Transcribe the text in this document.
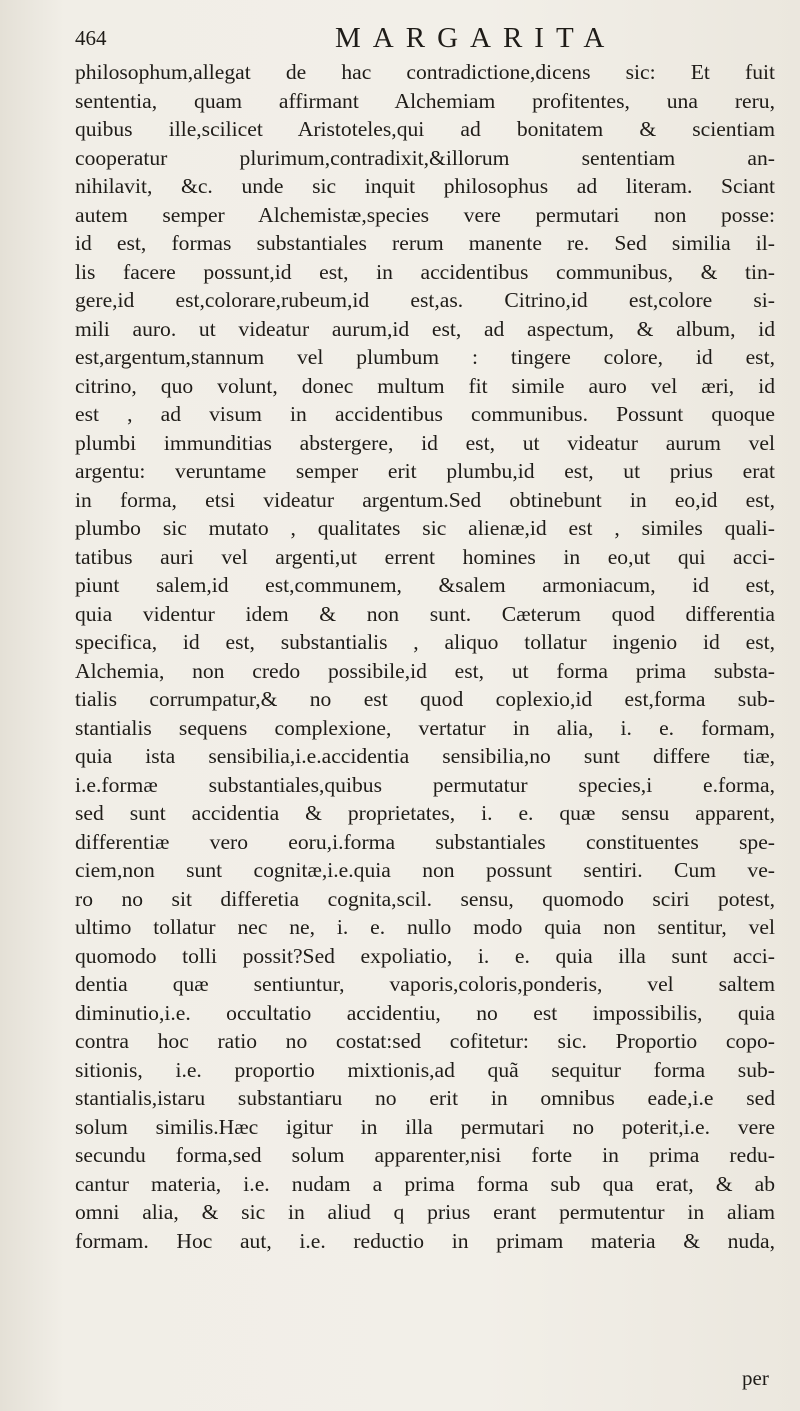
464	MARGARITA
philosophum,allegat de hac contradictione,dicens sic: Et fuit
sententia, quam affirmant Alchemiam profitentes, una reru,
quibus ille,scilicet Aristoteles,qui ad bonitatem & scientiam
cooperatur plurimum,contradixit,&illorum sententiam an-
nihilavit, &c. unde sic inquit philosophus ad literam. Sciant
autem semper Alchemistæ,species vere permutari non posse:
id est, formas substantiales rerum manente re. Sed similia il-
lis facere possunt,id est, in accidentibus communibus, & tin-
gere,id est,colorare,rubeum,id est,as. Citrino,id est,colore si-
mili auro. ut videatur aurum,id est, ad aspectum, & album, id
est,argentum,stannum vel plumbum : tingere colore, id est,
citrino, quo volunt, donec multum fit simile auro vel æri, id
est , ad visum in accidentibus communibus. Possunt quoque
plumbi immunditias abstergere, id est, ut videatur aurum vel
argentu: veruntame semper erit plumbu,id est, ut prius erat
in forma, etsi videatur argentum.Sed obtinebunt in eo,id est,
plumbo sic mutato , qualitates sic alienæ,id est , similes quali-
tatibus auri vel argenti,ut errent homines in eo,ut qui acci-
piunt salem,id est,communem, &salem armoniacum, id est,
quia videntur idem & non sunt. Cæterum quod differentia
specifica, id est, substantialis , aliquo tollatur ingenio id est,
Alchemia, non credo possibile,id est, ut forma prima substa-
tialis corrumpatur,& no est quod coplexio,id est,forma sub-
stantialis sequens complexione, vertatur in alia, i. e. formam,
quia ista sensibilia,i.e.accidentia sensibilia,no sunt differe tiæ,
i.e.formæ substantiales,quibus permutatur species,i e.forma,
sed sunt accidentia & proprietates, i. e. quæ sensu apparent,
differentiæ vero eoru,i.forma substantiales constituentes spe-
ciem,non sunt cognitæ,i.e.quia non possunt sentiri. Cum ve-
ro no sit differetia cognita,scil. sensu, quomodo sciri potest,
ultimo tollatur nec ne, i. e. nullo modo quia non sentitur, vel
quomodo tolli possit?Sed expoliatio, i. e. quia illa sunt acci-
dentia quæ sentiuntur, vaporis,coloris,ponderis, vel saltem
diminutio,i.e. occultatio accidentiu, no est impossibilis, quia
contra hoc ratio no costat:sed cofitetur: sic. Proportio copo-
sitionis, i.e. proportio mixtionis,ad quã sequitur forma sub-
stantialis,istaru substantiaru no erit in omnibus eade,i.e sed
solum similis.Hæc igitur in illa permutari no poterit,i.e. vere
secundu forma,sed solum apparenter,nisi forte in prima redu-
cantur materia, i.e. nudam a prima forma sub qua erat, & ab
omni alia, & sic in aliud q prius erant permutentur in aliam
formam. Hoc aut, i.e. reductio in primam materia & nuda,
per
